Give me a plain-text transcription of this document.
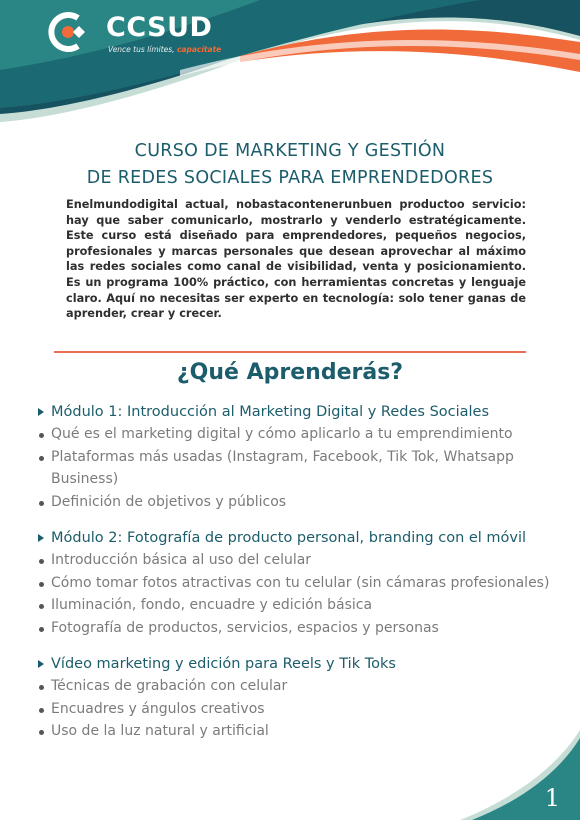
CCSUD
Vence tus límites, capacítate
CURSO DE MARKETING Y GESTIÓN
DE REDES SOCIALES PARA EMPRENDEDORES
Enelmundodigital actual, nobastacontenerunbuen productoo servicio: hay que saber comunicarlo, mostrarlo y venderlo estratégicamente. Este curso está diseñado para emprendedores, pequeños negocios, profesionales y marcas personales que desean aprovechar al máximo las redes sociales como canal de visibilidad, venta y posicionamiento. Es un programa 100% práctico, con herramientas concretas y lenguaje claro. Aquí no necesitas ser experto en tecnología: solo tener ganas de aprender, crear y crecer.
¿Qué Aprenderás?
Módulo 1: Introducción al Marketing Digital y Redes Sociales
Qué es el marketing digital y cómo aplicarlo a tu emprendimiento
Plataformas más usadas (Instagram, Facebook, Tik Tok, Whatsapp Business)
Definición de objetivos y públicos
Módulo 2: Fotografía de producto personal, branding con el móvil
Introducción básica al uso del celular
Cómo tomar fotos atractivas con tu celular (sin cámaras profesionales)
Iluminación, fondo, encuadre y edición básica
Fotografía de productos, servicios, espacios y personas
Vídeo marketing y edición para Reels y Tik Toks
Técnicas de grabación con celular
Encuadres y ángulos creativos
Uso de la luz natural y artificial
1
